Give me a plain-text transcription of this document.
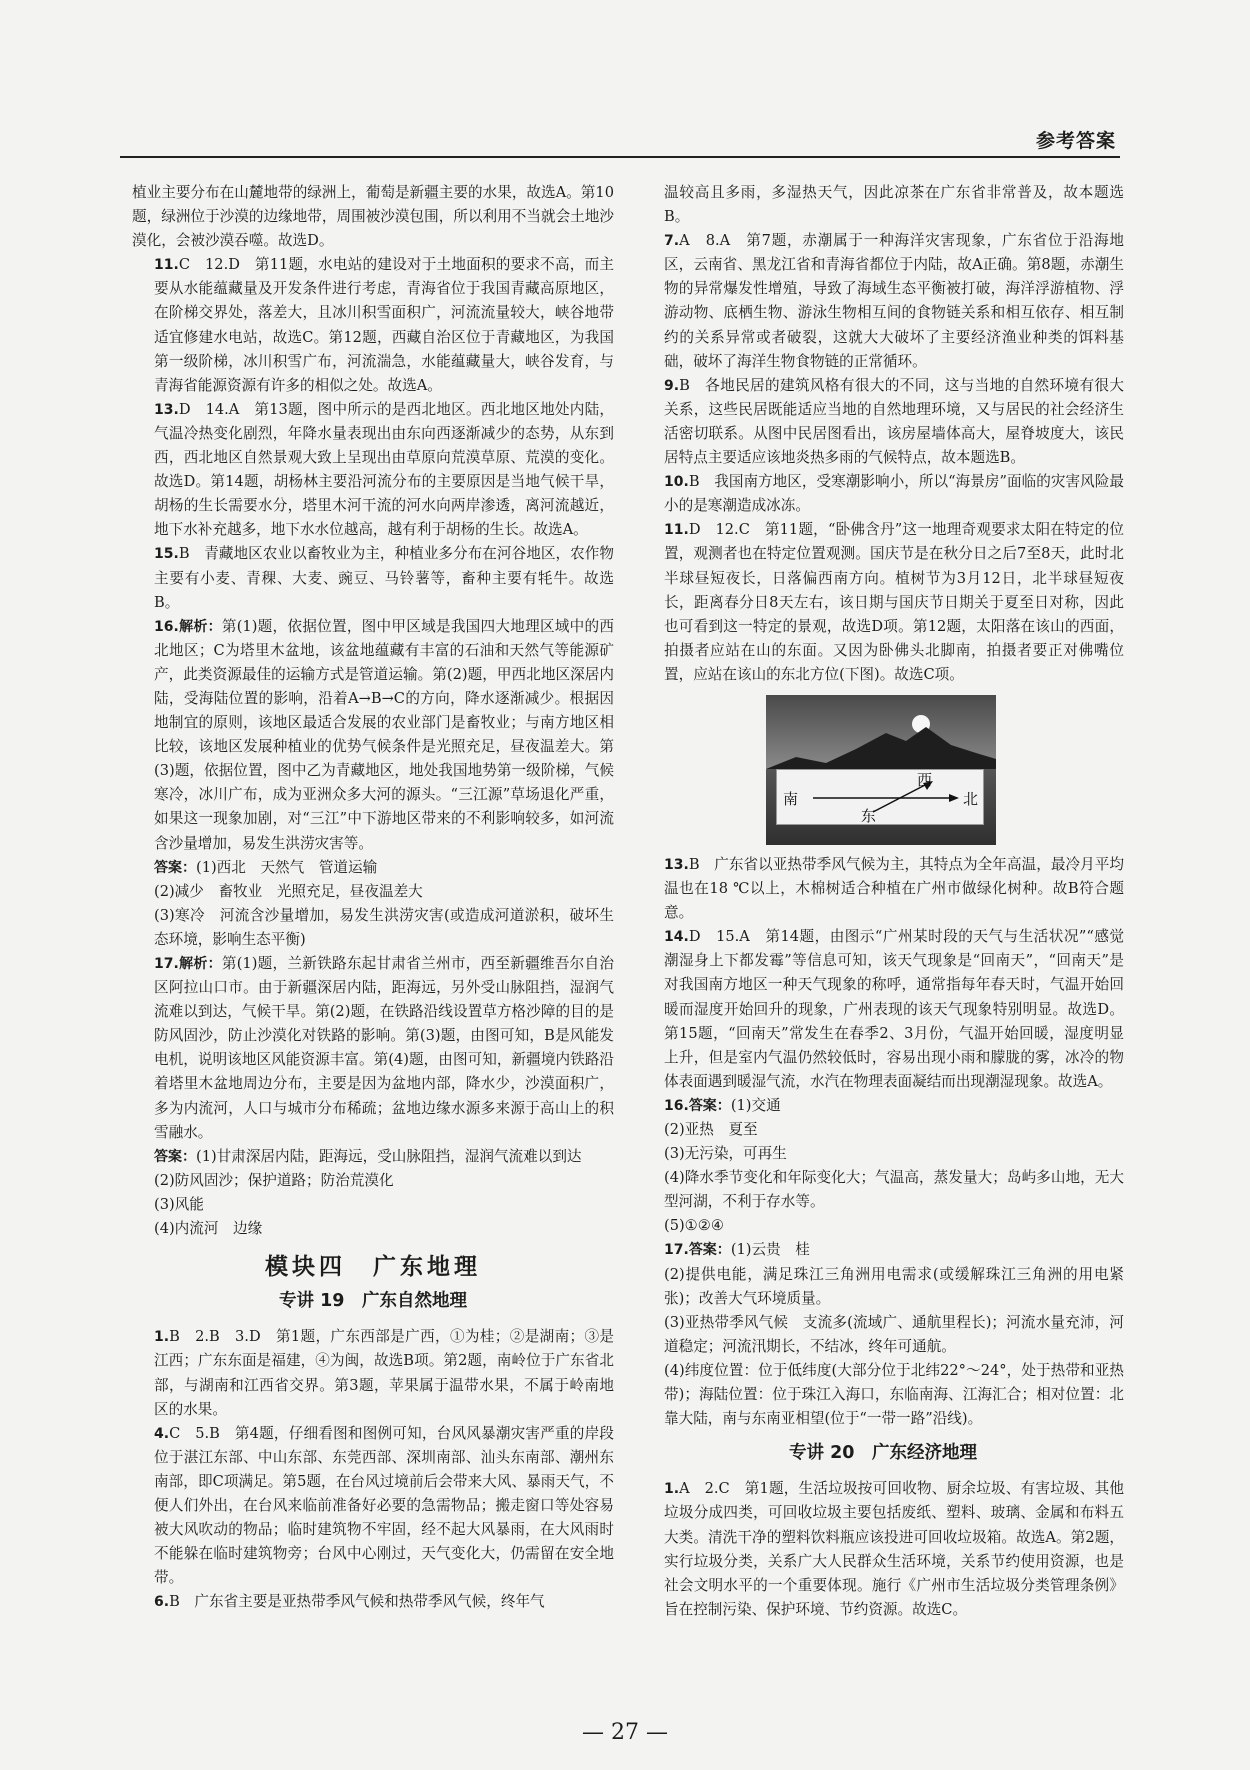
参考答案

植业主要分布在山麓地带的绿洲上，葡萄是新疆主要的水果，故选A。第10题，绿洲位于沙漠的边缘地带，周围被沙漠包围，所以利用不当就会土地沙漠化，会被沙漠吞噬。故选D。

11.C　12.D　第11题，水电站的建设对于土地面积的要求不高，而主要从水能蕴藏量及开发条件进行考虑，青海省位于我国青藏高原地区，在阶梯交界处，落差大，且冰川积雪面积广，河流流量较大，峡谷地带适宜修建水电站，故选C。第12题，西藏自治区位于青藏地区，为我国第一级阶梯，冰川积雪广布，河流湍急，水能蕴藏量大，峡谷发育，与青海省能源资源有许多的相似之处。故选A。

13.D　14.A　第13题，图中所示的是西北地区。西北地区地处内陆，气温冷热变化剧烈，年降水量表现出由东向西逐渐减少的态势，从东到西，西北地区自然景观大致上呈现出由草原向荒漠草原、荒漠的变化。故选D。第14题，胡杨林主要沿河流分布的主要原因是当地气候干旱，胡杨的生长需要水分，塔里木河干流的河水向两岸渗透，离河流越近，地下水补充越多，地下水水位越高，越有利于胡杨的生长。故选A。

15.B　青藏地区农业以畜牧业为主，种植业多分布在河谷地区，农作物主要有小麦、青稞、大麦、豌豆、马铃薯等，畜种主要有牦牛。故选B。

16.解析：第(1)题，依据位置，图中甲区域是我国四大地理区域中的西北地区；C为塔里木盆地，该盆地蕴藏有丰富的石油和天然气等能源矿产，此类资源最佳的运输方式是管道运输。第(2)题，甲西北地区深居内陆，受海陆位置的影响，沿着A→B→C的方向，降水逐渐减少。根据因地制宜的原则，该地区最适合发展的农业部门是畜牧业；与南方地区相比较，该地区发展种植业的优势气候条件是光照充足，昼夜温差大。第(3)题，依据位置，图中乙为青藏地区，地处我国地势第一级阶梯，气候寒冷，冰川广布，成为亚洲众多大河的源头。“三江源”草场退化严重，如果这一现象加剧，对“三江”中下游地区带来的不利影响较多，如河流含沙量增加，易发生洪涝灾害等。

答案：(1)西北　天然气　管道运输

(2)减少　畜牧业　光照充足，昼夜温差大

(3)寒冷　河流含沙量增加，易发生洪涝灾害(或造成河道淤积，破坏生态环境，影响生态平衡)

17.解析：第(1)题，兰新铁路东起甘肃省兰州市，西至新疆维吾尔自治区阿拉山口市。由于新疆深居内陆，距海远，另外受山脉阻挡，湿润气流难以到达，气候干旱。第(2)题，在铁路沿线设置草方格沙障的目的是防风固沙，防止沙漠化对铁路的影响。第(3)题，由图可知，B是风能发电机，说明该地区风能资源丰富。第(4)题，由图可知，新疆境内铁路沿着塔里木盆地周边分布，主要是因为盆地内部，降水少，沙漠面积广，多为内流河，人口与城市分布稀疏；盆地边缘水源多来源于高山上的积雪融水。

答案：(1)甘肃深居内陆，距海远，受山脉阻挡，湿润气流难以到达

(2)防风固沙；保护道路；防治荒漠化

(3)风能

(4)内流河　边缘

模块四　广东地理
专讲 19　广东自然地理

1.B　2.B　3.D　第1题，广东西部是广西，①为桂；②是湖南；③是江西；广东东面是福建，④为闽，故选B项。第2题，南岭位于广东省北部，与湖南和江西省交界。第3题，苹果属于温带水果，不属于岭南地区的水果。

4.C　5.B　第4题，仔细看图和图例可知，台风风暴潮灾害严重的岸段位于湛江东部、中山东部、东莞西部、深圳南部、汕头东南部、潮州东南部，即C项满足。第5题，在台风过境前后会带来大风、暴雨天气，不便人们外出，在台风来临前准备好必要的急需物品；搬走窗口等处容易被大风吹动的物品；临时建筑物不牢固，经不起大风暴雨，在大风雨时不能躲在临时建筑物旁；台风中心刚过，天气变化大，仍需留在安全地带。

6.B　广东省主要是亚热带季风气候和热带季风气候，终年气

温较高且多雨，多湿热天气，因此凉茶在广东省非常普及，故本题选B。

7.A　8.A　第7题，赤潮属于一种海洋灾害现象，广东省位于沿海地区，云南省、黑龙江省和青海省都位于内陆，故A正确。第8题，赤潮生物的异常爆发性增殖，导致了海域生态平衡被打破，海洋浮游植物、浮游动物、底栖生物、游泳生物相互间的食物链关系和相互依存、相互制约的关系异常或者破裂，这就大大破坏了主要经济渔业种类的饵料基础，破坏了海洋生物食物链的正常循环。

9.B　各地民居的建筑风格有很大的不同，这与当地的自然环境有很大关系，这些民居既能适应当地的自然地理环境，又与居民的社会经济生活密切联系。从图中民居图看出，该房屋墙体高大，屋脊坡度大，该民居特点主要适应该地炎热多雨的气候特点，故本题选B。

10.B　我国南方地区，受寒潮影响小，所以“海景房”面临的灾害风险最小的是寒潮造成冰冻。

11.D　12.C　第11题，“卧佛含丹”这一地理奇观要求太阳在特定的位置，观测者也在特定位置观测。国庆节是在秋分日之后7至8天，此时北半球昼短夜长，日落偏西南方向。植树节为3月12日，北半球昼短夜长，距离春分日8天左右，该日期与国庆节日期关于夏至日对称，因此也可看到这一特定的景观，故选D项。第12题，太阳落在该山的西面，拍摄者应站在山的东面。又因为卧佛头北脚南，拍摄者要正对佛嘴位置，应站在该山的东北方位(下图)。故选C项。

南
西
北
东

13.B　广东省以亚热带季风气候为主，其特点为全年高温，最冷月平均温也在18 ℃以上，木棉树适合种植在广州市做绿化树种。故B符合题意。

14.D　15.A　第14题，由图示“广州某时段的天气与生活状况”“感觉潮湿身上下都发霉”等信息可知，该天气现象是“回南天”，“回南天”是对我国南方地区一种天气现象的称呼，通常指每年春天时，气温开始回暖而湿度开始回升的现象，广州表现的该天气现象特别明显。故选D。第15题，“回南天”常发生在春季2、3月份，气温开始回暖，湿度明显上升，但是室内气温仍然较低时，容易出现小雨和朦胧的雾，冰冷的物体表面遇到暖湿气流，水汽在物理表面凝结而出现潮湿现象。故选A。

16.答案：(1)交通

(2)亚热　夏至

(3)无污染，可再生

(4)降水季节变化和年际变化大；气温高，蒸发量大；岛屿多山地，无大型河湖，不利于存水等。

(5)①②④

17.答案：(1)云贵　桂

(2)提供电能，满足珠江三角洲用电需求(或缓解珠江三角洲的用电紧张)；改善大气环境质量。

(3)亚热带季风气候　支流多(流域广、通航里程长)；河流水量充沛，河道稳定；河流汛期长，不结冰，终年可通航。

(4)纬度位置：位于低纬度(大部分位于北纬22°～24°，处于热带和亚热带)；海陆位置：位于珠江入海口，东临南海、江海汇合；相对位置：北靠大陆，南与东南亚相望(位于“一带一路”沿线)。

专讲 20　广东经济地理

1.A　2.C　第1题，生活垃圾按可回收物、厨余垃圾、有害垃圾、其他垃圾分成四类，可回收垃圾主要包括废纸、塑料、玻璃、金属和布料五大类。清洗干净的塑料饮料瓶应该投进可回收垃圾箱。故选A。第2题，实行垃圾分类，关系广大人民群众生活环境，关系节约使用资源，也是社会文明水平的一个重要体现。施行《广州市生活垃圾分类管理条例》旨在控制污染、保护环境、节约资源。故选C。

— 27 —
